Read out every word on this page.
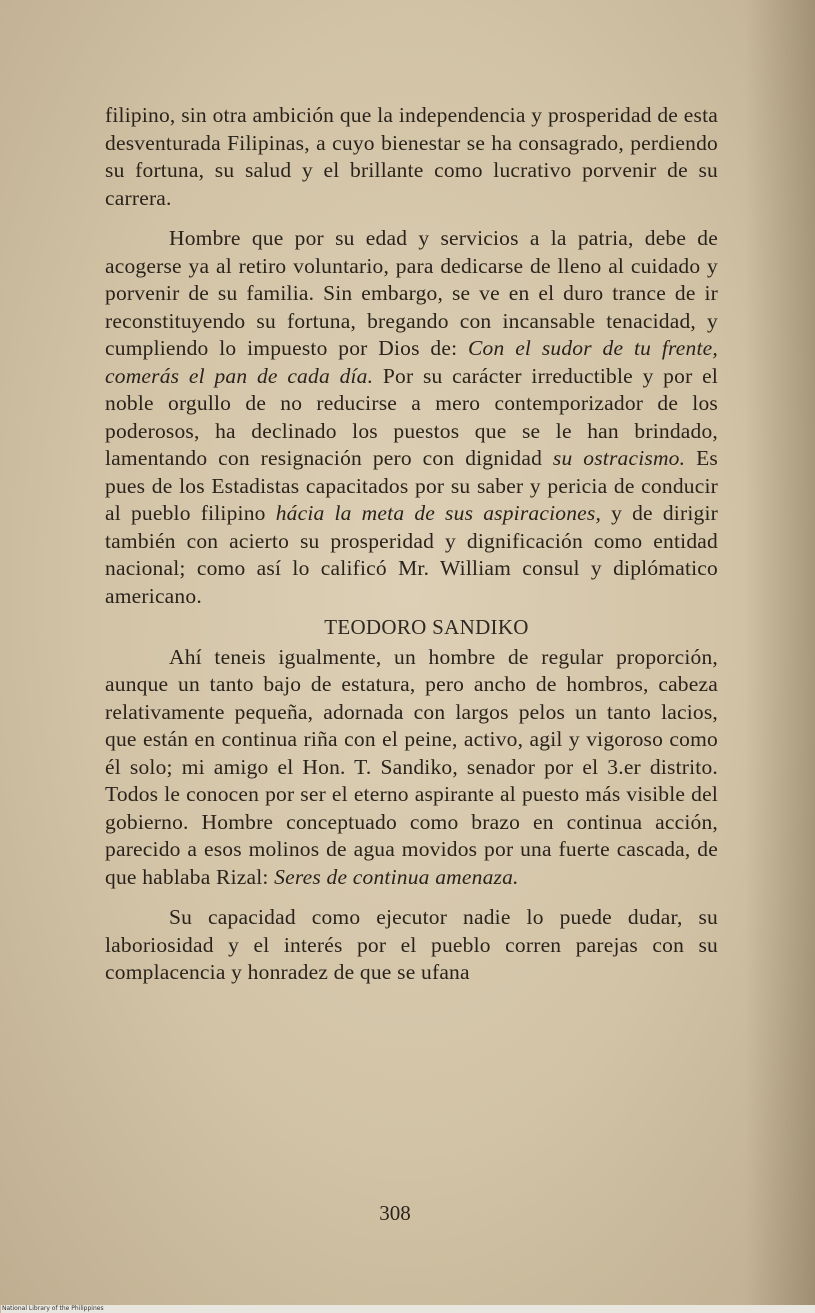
filipino, sin otra ambición que la independencia y prosperidad de esta desventurada Filipinas, a cuyo bienestar se ha consagrado, perdiendo su fortuna, su salud y el brillante como lucrativo porvenir de su carrera.

Hombre que por su edad y servicios a la patria, debe de acogerse ya al retiro voluntario, para dedicarse de lleno al cuidado y porvenir de su familia. Sin embargo, se ve en el duro trance de ir reconstituyendo su fortuna, bregando con incansable tenacidad, y cumpliendo lo impuesto por Dios de: Con el sudor de tu frente, comerás el pan de cada día. Por su carácter irreductible y por el noble orgullo de no reducirse a mero contemporizador de los poderosos, ha declinado los puestos que se le han brindado, lamentando con resignación pero con dignidad su ostracismo. Es pues de los Estadistas capacitados por su saber y pericia de conducir al pueblo filipino hácia la meta de sus aspiraciones, y de dirigir también con acierto su prosperidad y dignificación como entidad nacional; como así lo calificó Mr. William consul y diplómatico americano.

TEODORO SANDIKO

Ahí teneis igualmente, un hombre de regular proporción, aunque un tanto bajo de estatura, pero ancho de hombros, cabeza relativamente pequeña, adornada con largos pelos un tanto lacios, que están en continua riña con el peine, activo, agil y vigoroso como él solo; mi amigo el Hon. T. Sandiko, senador por el 3.er distrito. Todos le conocen por ser el eterno aspirante al puesto más visible del gobierno. Hombre conceptuado como brazo en continua acción, parecido a esos molinos de agua movidos por una fuerte cascada, de que hablaba Rizal: Seres de continua amenaza.

Su capacidad como ejecutor nadie lo puede dudar, su laboriosidad y el interés por el pueblo corren parejas con su complacencia y honradez de que se ufana

308
National Library of the Philippines
